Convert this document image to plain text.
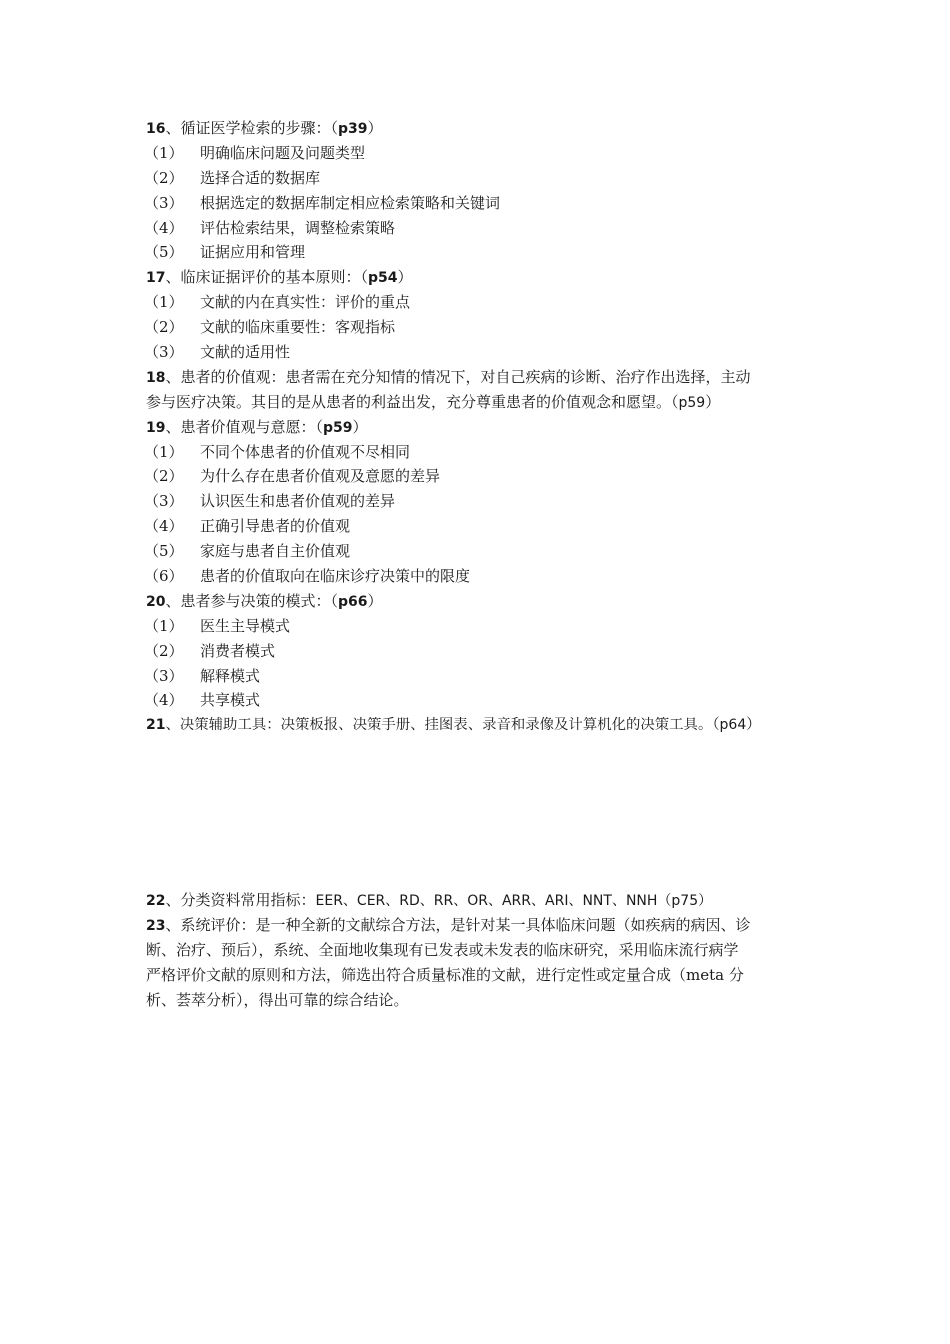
16、循证医学检索的步骤：（p39）
（1） 明确临床问题及问题类型
（2） 选择合适的数据库
（3） 根据选定的数据库制定相应检索策略和关键词
（4） 评估检索结果，调整检索策略
（5） 证据应用和管理
17、临床证据评价的基本原则：（p54）
（1） 文献的内在真实性：评价的重点
（2） 文献的临床重要性：客观指标
（3） 文献的适用性
18、患者的价值观：患者需在充分知情的情况下，对自己疾病的诊断、治疗作出选择，主动
参与医疗决策。其目的是从患者的利益出发，充分尊重患者的价值观念和愿望。（p59）
19、患者价值观与意愿：（p59）
（1） 不同个体患者的价值观不尽相同
（2） 为什么存在患者价值观及意愿的差异
（3） 认识医生和患者价值观的差异
（4） 正确引导患者的价值观
（5） 家庭与患者自主价值观
（6） 患者的价值取向在临床诊疗决策中的限度
20、患者参与决策的模式：（p66）
（1） 医生主导模式
（2） 消费者模式
（3） 解释模式
（4） 共享模式
21、决策辅助工具：决策板报、决策手册、挂图表、录音和录像及计算机化的决策工具。（p64）
22、分类资料常用指标：EER、CER、RD、RR、OR、ARR、ARI、NNT、NNH（p75）
23、系统评价：是一种全新的文献综合方法，是针对某一具体临床问题（如疾病的病因、诊
断、治疗、预后），系统、全面地收集现有已发表或未发表的临床研究，采用临床流行病学
严格评价文献的原则和方法，筛选出符合质量标准的文献，进行定性或定量合成（meta 分
析、荟萃分析），得出可靠的综合结论。
